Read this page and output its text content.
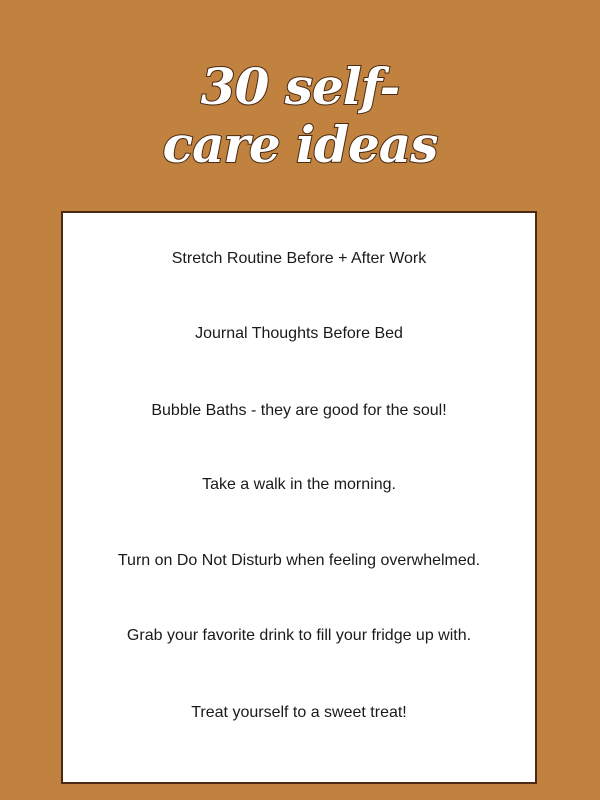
30 self-
care ideas
Stretch Routine Before + After Work
Journal Thoughts Before Bed
Bubble Baths - they are good for the soul!
Take a walk in the morning.
Turn on Do Not Disturb when feeling overwhelmed.
Grab your favorite drink to fill your fridge up with.
Treat yourself to a sweet treat!
